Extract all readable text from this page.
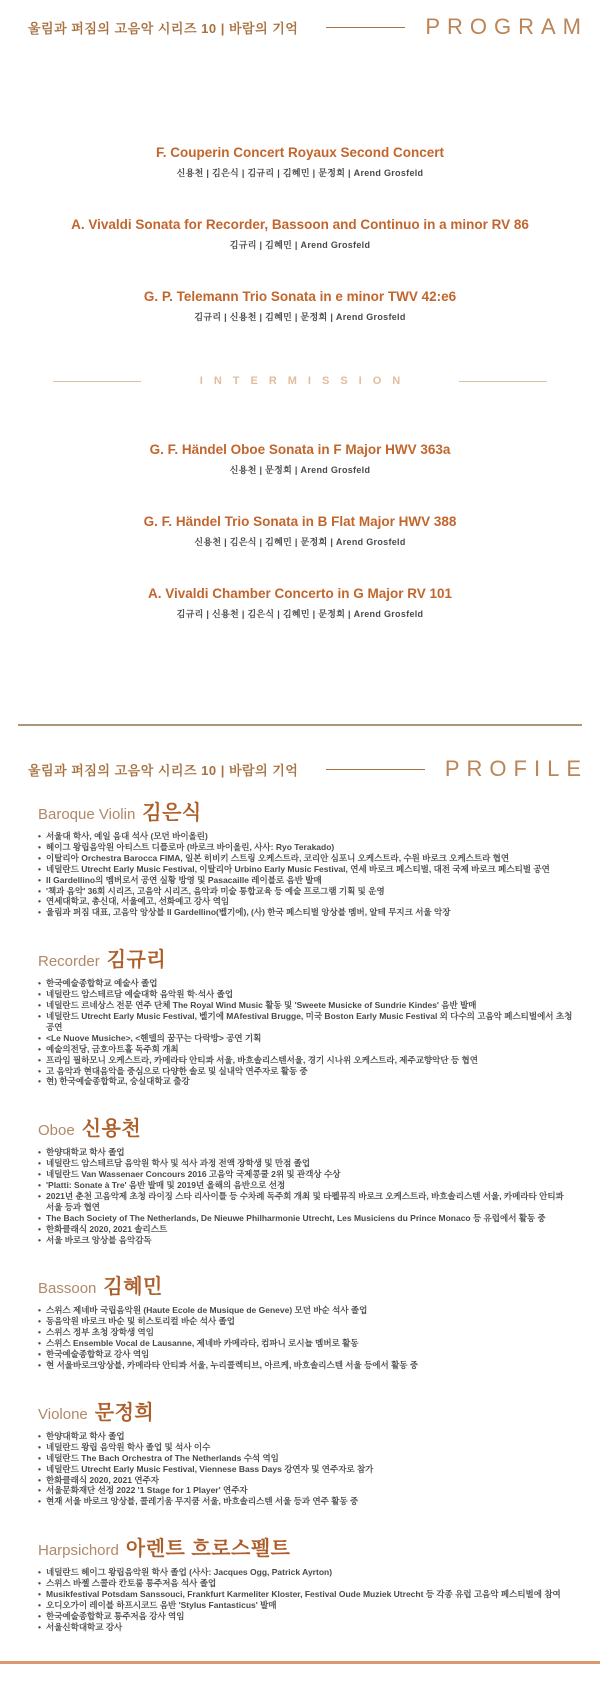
울림과 퍼짐의 고음악 시리즈 10 | 바람의 기억	PROGRAM
F. Couperin Concert Royaux Second Concert
신용천 | 김은식 | 김규리 | 김혜민 | 문정희 | Arend Grosfeld
A. Vivaldi Sonata for Recorder, Bassoon and Continuo in a minor RV 86
김규리 | 김혜민 | Arend Grosfeld
G. P. Telemann Trio Sonata in e minor TWV 42:e6
김규리 | 신용천 | 김혜민 | 문정희 | Arend Grosfeld
INTERMISSION
G. F. Händel Oboe Sonata in F Major HWV 363a
신용천 | 문정희 | Arend Grosfeld
G. F. Händel Trio Sonata in B Flat Major HWV 388
신용천 | 김은식 | 김혜민 | 문정희 | Arend Grosfeld
A. Vivaldi Chamber Concerto in G Major RV 101
김규리 | 신용천 | 김은식 | 김혜민 | 문정희 | Arend Grosfeld
울림과 퍼짐의 고음악 시리즈 10 | 바람의 기억	PROFILE
Baroque Violin 김은식
• 서울대 학사, 예일 음대 석사 (모던 바이올린)
• 헤이그 왕립음악원 아티스트 디플로마 (바로크 바이올린, 사사: Ryo Terakado)
• 이탈리아 Orchestra Barocca FIMA, 일본 히비키 스트링 오케스트라, 코리안 심포니 오케스트라, 수원 바로크 오케스트라 협연
• 네덜란드 Utrecht Early Music Festival, 이탈리아 Urbino Early Music Festival, 연세 바로크 페스티벌, 대전 국제 바로크 페스티벌 공연
• Il Gardellino의 멤버로서 공연 실황 방영 및 Pasacaille 레이블로 음반 발매
• '책과 음악' 36회 시리즈, 고음악 시리즈, 음악과 미술 통합교육 등 예술 프로그램 기획 및 운영
• 연세대학교, 총신대, 서울예고, 선화예고 강사 역임
• 울림과 퍼짐 대표, 고음악 앙상블 Il Gardellino(벨기에), (사) 한국 페스티벌 앙상블 멤버, 알테 무지크 서울 악장
Recorder 김규리
• 한국예술종합학교 예술사 졸업
• 네덜란드 암스테르담 예술대학 음악원 학·석사 졸업
• 네덜란드 르네상스 전문 연주 단체 The Royal Wind Music 활동 및 'Sweete Musicke of Sundrie Kindes' 음반 발매
• 네덜란드 Utrecht Early Music Festival, 벨기에 MAfestival Brugge, 미국 Boston Early Music Festival 외 다수의 고음악 페스티벌에서 초청 공연
• <Le Nuove Musiche>, <헨델의 꿈꾸는 다락방> 공연 기획
• 예술의전당, 금호아트홀 독주회 개최
• 프라임 필하모니 오케스트라, 카메라타 안티콰 서울, 바흐솔리스텐서울, 경기 시나위 오케스트라, 제주교향악단 등 협연
• 고 음악과 현대음악을 중심으로 다양한 솔로 및 실내악 연주자로 활동 중
• 현) 한국예술종합학교, 숭실대학교 출강
Oboe 신용천
• 한양대학교 학사 졸업
• 네덜란드 암스테르담 음악원 학사 및 석사 과정 전액 장학생 및 만점 졸업
• 네덜란드 Van Wassenaer Concours 2016 고음악 국제콩쿨 2위 및 관객상 수상
• 'Platti: Sonate à Tre' 음반 발매 및 2019년 올해의 음반으로 선정
• 2021년 춘천 고음악제 초청 라이징 스타 리사이틀 등 수차례 독주회 개최 및 타펠뮤직 바로크 오케스트라, 바흐솔리스텐 서울, 카메라타 안티콰 서울 등과 협연
• The Bach Society of The Netherlands, De Nieuwe Philharmonie Utrecht, Les Musiciens du Prince Monaco 등 유럽에서 활동 중
• 한화클래식 2020, 2021 솔리스트
• 서울 바로크 앙상블 음악감독
Bassoon 김혜민
• 스위스 제네바 국립음악원 (Haute Ecole de Musique de Geneve) 모던 바순 석사 졸업
• 동음악원 바로크 바순 및 히스토리컬 바순 석사 졸업
• 스위스 정부 초청 장학생 역임
• 스위스 Ensemble Vocal de Lausanne, 제네바 카메라타, 컴파니 로시뇰 멤버로 활동
• 한국예술종합학교 강사 역임
• 현 서울바로크앙상블, 카메라타 안티콰 서울, 누리콜렉티브, 아르케, 바흐솔리스텐 서울 등에서 활동 중
Violone 문정희
• 한양대학교 학사 졸업
• 네덜란드 왕립 음악원 학사 졸업 및 석사 이수
• 네덜란드 The Bach Orchestra of The Netherlands 수석 역임
• 네덜란드 Utrecht Early Music Festival, Viennese Bass Days 강연자 및 연주자로 참가
• 한화클래식 2020, 2021 연주자
• 서울문화재단 선정 2022 '1 Stage for 1 Player' 연주자
• 현재 서울 바로크 앙상블, 콜레기움 무지쿰 서울, 바흐솔리스텐 서울 등과 연주 활동 중
Harpsichord 아렌트 흐로스펠트
• 네덜란드 헤이그 왕립음악원 학사 졸업 (사사: Jacques Ogg, Patrick Ayrton)
• 스위스 바젤 스콜라 칸토룸 통주저음 석사 졸업
• Musikfestival Potsdam Sanssouci, Frankfurt Karmeliter Kloster, Festival Oude Muziek Utrecht 등 각종 유럽 고음악 페스티벌에 참여
• 오디오가이 레이블 하프시코드 음반 'Stylus Fantasticus' 발매
• 한국예술종합학교 통주저음 강사 역임
• 서울신학대학교 강사
